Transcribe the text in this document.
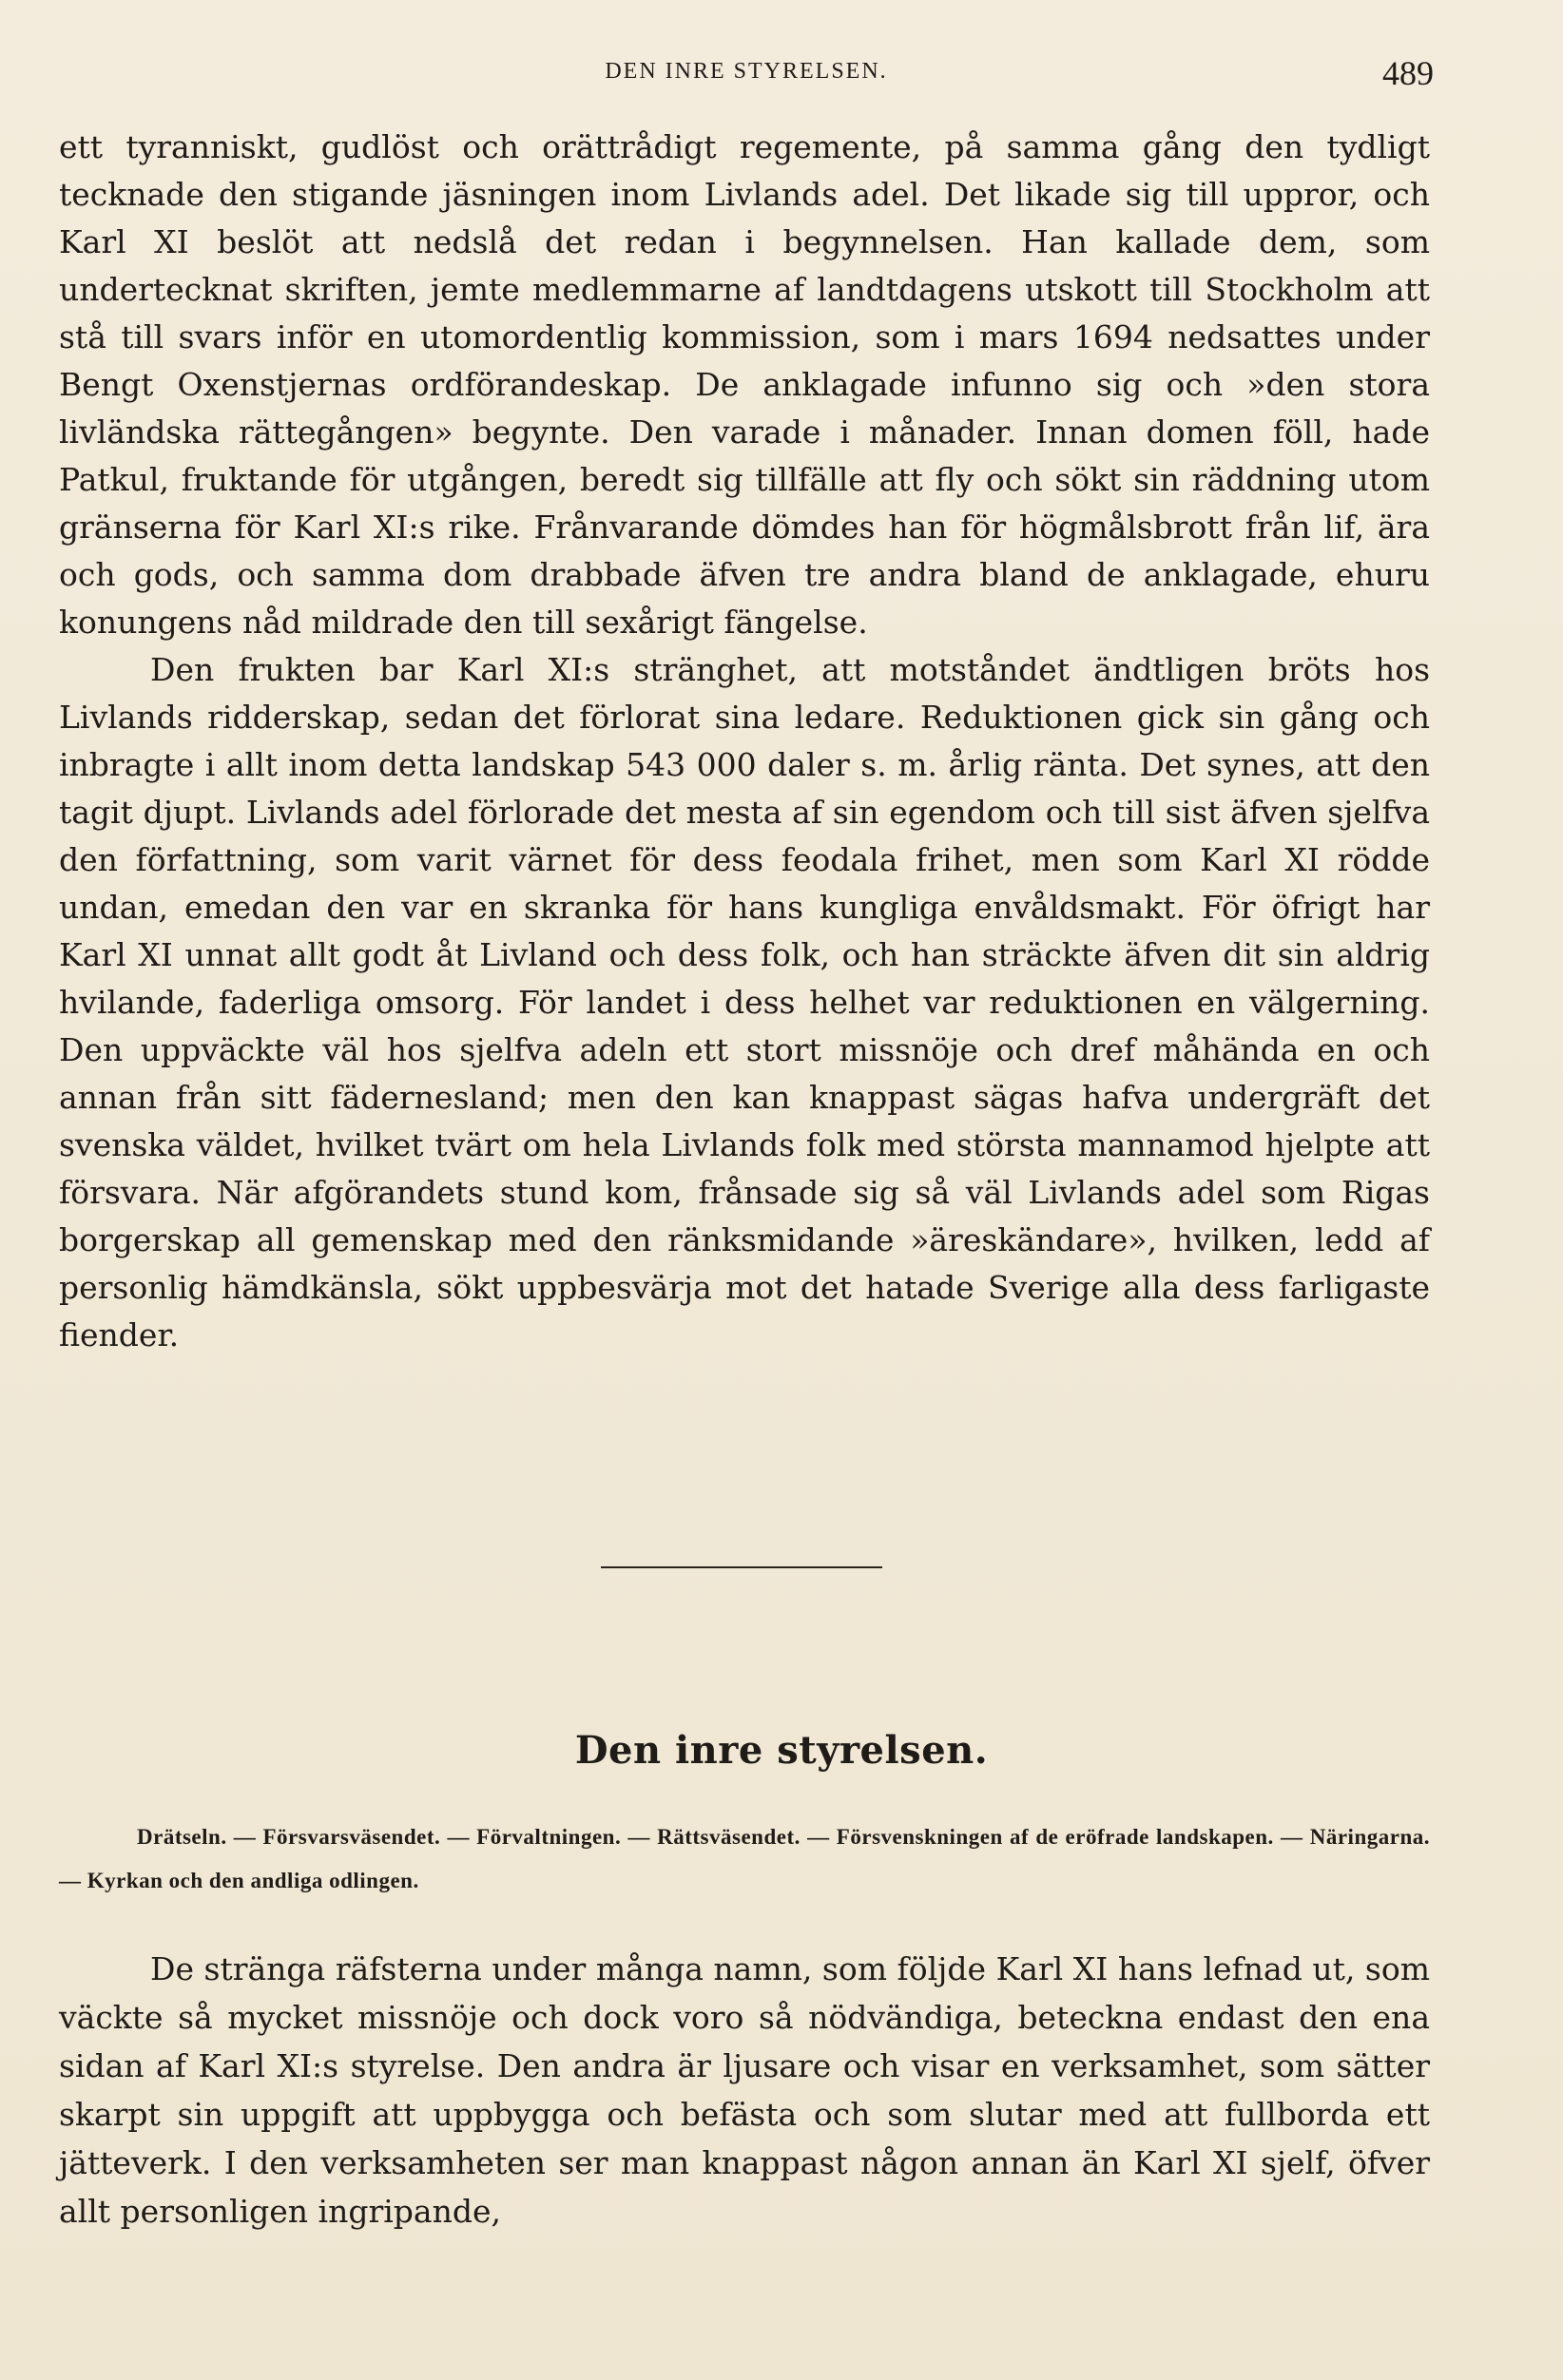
DEN INRE STYRELSEN.	489

ett tyranniskt, gudlöst och orättrådigt regemente, på samma gång den tydligt tecknade den stigande jäsningen inom Livlands adel. Det likade sig till uppror, och Karl XI beslöt att nedslå det redan i begynnelsen. Han kallade dem, som undertecknat skriften, jemte medlemmarne af landtdagens utskott till Stockholm att stå till svars inför en utomordentlig kommission, som i mars 1694 nedsattes under Bengt Oxenstjernas ordförandeskap. De anklagade infunno sig och »den stora livländska rättegången» begynte. Den varade i månader. Innan domen föll, hade Patkul, fruktande för utgången, beredt sig tillfälle att fly och sökt sin räddning utom gränserna för Karl XI:s rike. Frånvarande dömdes han för högmålsbrott från lif, ära och gods, och samma dom drabbade äfven tre andra bland de anklagade, ehuru konungens nåd mildrade den till sexårigt fängelse.

Den frukten bar Karl XI:s stränghet, att motståndet ändtligen bröts hos Livlands ridderskap, sedan det förlorat sina ledare. Reduktionen gick sin gång och inbragte i allt inom detta landskap 543 000 daler s. m. årlig ränta. Det synes, att den tagit djupt. Livlands adel förlorade det mesta af sin egendom och till sist äfven sjelfva den författning, som varit värnet för dess feodala frihet, men som Karl XI rödde undan, emedan den var en skranka för hans kungliga envåldsmakt. För öfrigt har Karl XI unnat allt godt åt Livland och dess folk, och han sträckte äfven dit sin aldrig hvilande, faderliga omsorg. För landet i dess helhet var reduktionen en välgerning. Den uppväckte väl hos sjelfva adeln ett stort missnöje och dref måhända en och annan från sitt fädernesland; men den kan knappast sägas hafva undergräft det svenska väldet, hvilket tvärt om hela Livlands folk med största mannamod hjelpte att försvara. När afgörandets stund kom, frånsade sig så väl Livlands adel som Rigas borgerskap all gemenskap med den ränksmidande »äreskändare», hvilken, ledd af personlig hämdkänsla, sökt uppbesvärja mot det hatade Sverige alla dess farligaste fiender.

Den inre styrelsen.
Drätseln. — Försvarsväsendet. — Förvaltningen. — Rättsväsendet. — Försvenskningen af de eröfrade landskapen. — Näringarna. — Kyrkan och den andliga odlingen.

De stränga räfsterna under många namn, som följde Karl XI hans lefnad ut, som väckte så mycket missnöje och dock voro så nödvändiga, beteckna endast den ena sidan af Karl XI:s styrelse. Den andra är ljusare och visar en verksamhet, som sätter skarpt sin uppgift att uppbygga och befästa och som slutar med att fullborda ett jätteverk. I den verksamheten ser man knappast någon annan än Karl XI sjelf, öfver allt personligen ingripande,
